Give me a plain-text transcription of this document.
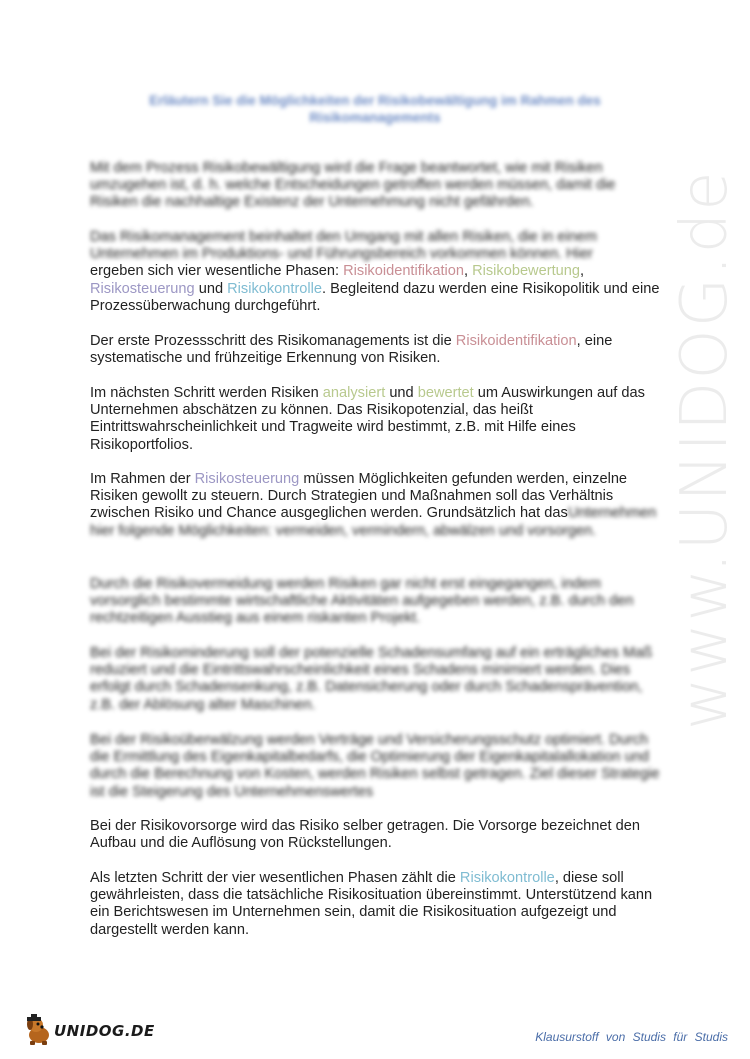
Erläutern Sie die Möglichkeiten der Risikobewältigung im Rahmen des Risikomanagements

Mit dem Prozess Risikobewältigung wird die Frage beantwortet, wie mit Risiken umzugehen ist, d. h. welche Entscheidungen getroffen werden müssen, damit die Risiken die nachhaltige Existenz der Unternehmung nicht gefährden.

Das Risikomanagement beinhaltet den Umgang mit allen Risiken, die in einem Unternehmen im Produktions- und Führungsbereich vorkommen können. Hier
ergeben sich vier wesentliche Phasen: Risikoidentifikation, Risikobewertung,
Risikosteuerung und Risikokontrolle. Begleitend dazu werden eine Risikopolitik und eine Prozessüberwachung durchgeführt.

Der erste Prozessschritt des Risikomanagements ist die Risikoidentifikation, eine systematische und frühzeitige Erkennung von Risiken.

Im nächsten Schritt werden Risiken analysiert und bewertet um Auswirkungen auf das Unternehmen abschätzen zu können. Das Risikopotenzial, das heißt Eintrittswahrscheinlichkeit und Tragweite wird bestimmt, z.B. mit Hilfe eines Risikoportfolios.

Im Rahmen der Risikosteuerung müssen Möglichkeiten gefunden werden, einzelne Risiken gewollt zu steuern. Durch Strategien und Maßnahmen soll das Verhältnis zwischen Risiko und Chance ausgeglichen werden. Grundsätzlich hat dasUnternehmen hier folgende Möglichkeiten: vermeiden, vermindern, abwälzen und vorsorgen.

Durch die Risikovermeidung werden Risiken gar nicht erst eingegangen, indem vorsorglich bestimmte wirtschaftliche Aktivitäten aufgegeben werden, z.B. durch den rechtzeitigen Ausstieg aus einem riskanten Projekt.

Bei der Risikominderung soll der potenzielle Schadensumfang auf ein erträgliches Maß reduziert und die Eintrittswahrscheinlichkeit eines Schadens minimiert werden. Dies erfolgt durch Schadensenkung, z.B. Datensicherung oder durch Schadensprävention, z.B. der Ablösung alter Maschinen.

Bei der Risikoüberwälzung werden Verträge und Versicherungsschutz optimiert. Durch die Ermittlung des Eigenkapitalbedarfs, die Optimierung der Eigenkapitalallokation und durch die Berechnung von Kosten, werden Risiken selbst getragen. Ziel dieser Strategie ist die Steigerung des Unternehmenswertes

Bei der Risikovorsorge wird das Risiko selber getragen. Die Vorsorge bezeichnet den Aufbau und die Auflösung von Rückstellungen.

Als letzten Schritt der vier wesentlichen Phasen zählt die Risikokontrolle, diese soll gewährleisten, dass die tatsächliche Risikosituation übereinstimmt. Unterstützend kann ein Berichtswesen im Unternehmen sein, damit die Risikosituation aufgezeigt und dargestellt werden kann.

www.UNIDOG.de
UNIDOG.DE	Klausurstoff von Studis für Studis
